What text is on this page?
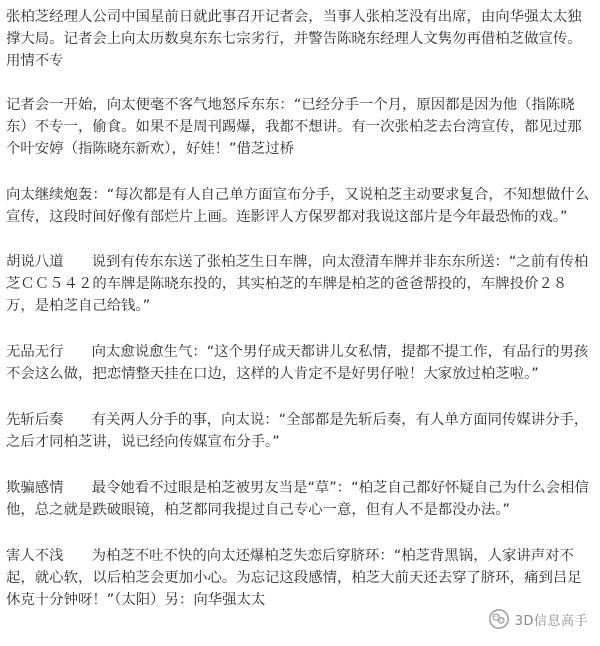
张柏芝经理人公司中国星前日就此事召开记者会，当事人张柏芝没有出席，由向华强太太独撑大局。记者会上向太历数臭东东七宗劣行，并警告陈晓东经理人文隽勿再借柏芝做宣传。用情不专

记者会一开始，向太便毫不客气地怒斥东东：“已经分手一个月，原因都是因为他（指陈晓东）不专一，偷食。如果不是周刊踢爆，我都不想讲。有一次张柏芝去台湾宣传，都见过那个叶安婷（指陈晓东新欢），好娃！”借芝过桥

向太继续炮轰：“每次都是有人自己单方面宣布分手，又说柏芝主动要求复合，不知想做什么宣传，这段时间好像有部烂片上画。连影评人方保罗都对我说这部片是今年最恐怖的戏。”

胡说八道 说到有传东东送了张柏芝生日车牌，向太澄清车牌并非东东所送：“之前有传柏芝ＣＣ５４２的车牌是陈晓东投的，其实柏芝的车牌是柏芝的爸爸帮投的，车牌投价２８万，是柏芝自己给钱。”

无品无行 向太愈说愈生气：“这个男仔成天都讲儿女私情，提都不提工作，有品行的男孩不会这么做，把恋情整天挂在口边，这样的人肯定不是好男仔啦！大家放过柏芝啦。”

先斩后奏 有关两人分手的事，向太说：“全部都是先斩后奏，有人单方面同传媒讲分手，之后才同柏芝讲，说已经向传媒宣布分手。”

欺骗感情 最令她看不过眼是柏芝被男友当是“草”：“柏芝自己都好怀疑自己为什么会相信他，总之就是跌破眼镜，柏芝都同我提过自己专心一意，但有人不是都没办法。”

害人不浅 为柏芝不吐不快的向太还爆柏芝失恋后穿脐环：“柏芝背黑锅，人家讲声对不起，就心软，以后柏芝会更加小心。为忘记这段感情，柏芝大前天还去穿了脐环，痛到吕足休克十分钟呀！”（太阳）另：向华强太太

3D信息高手
